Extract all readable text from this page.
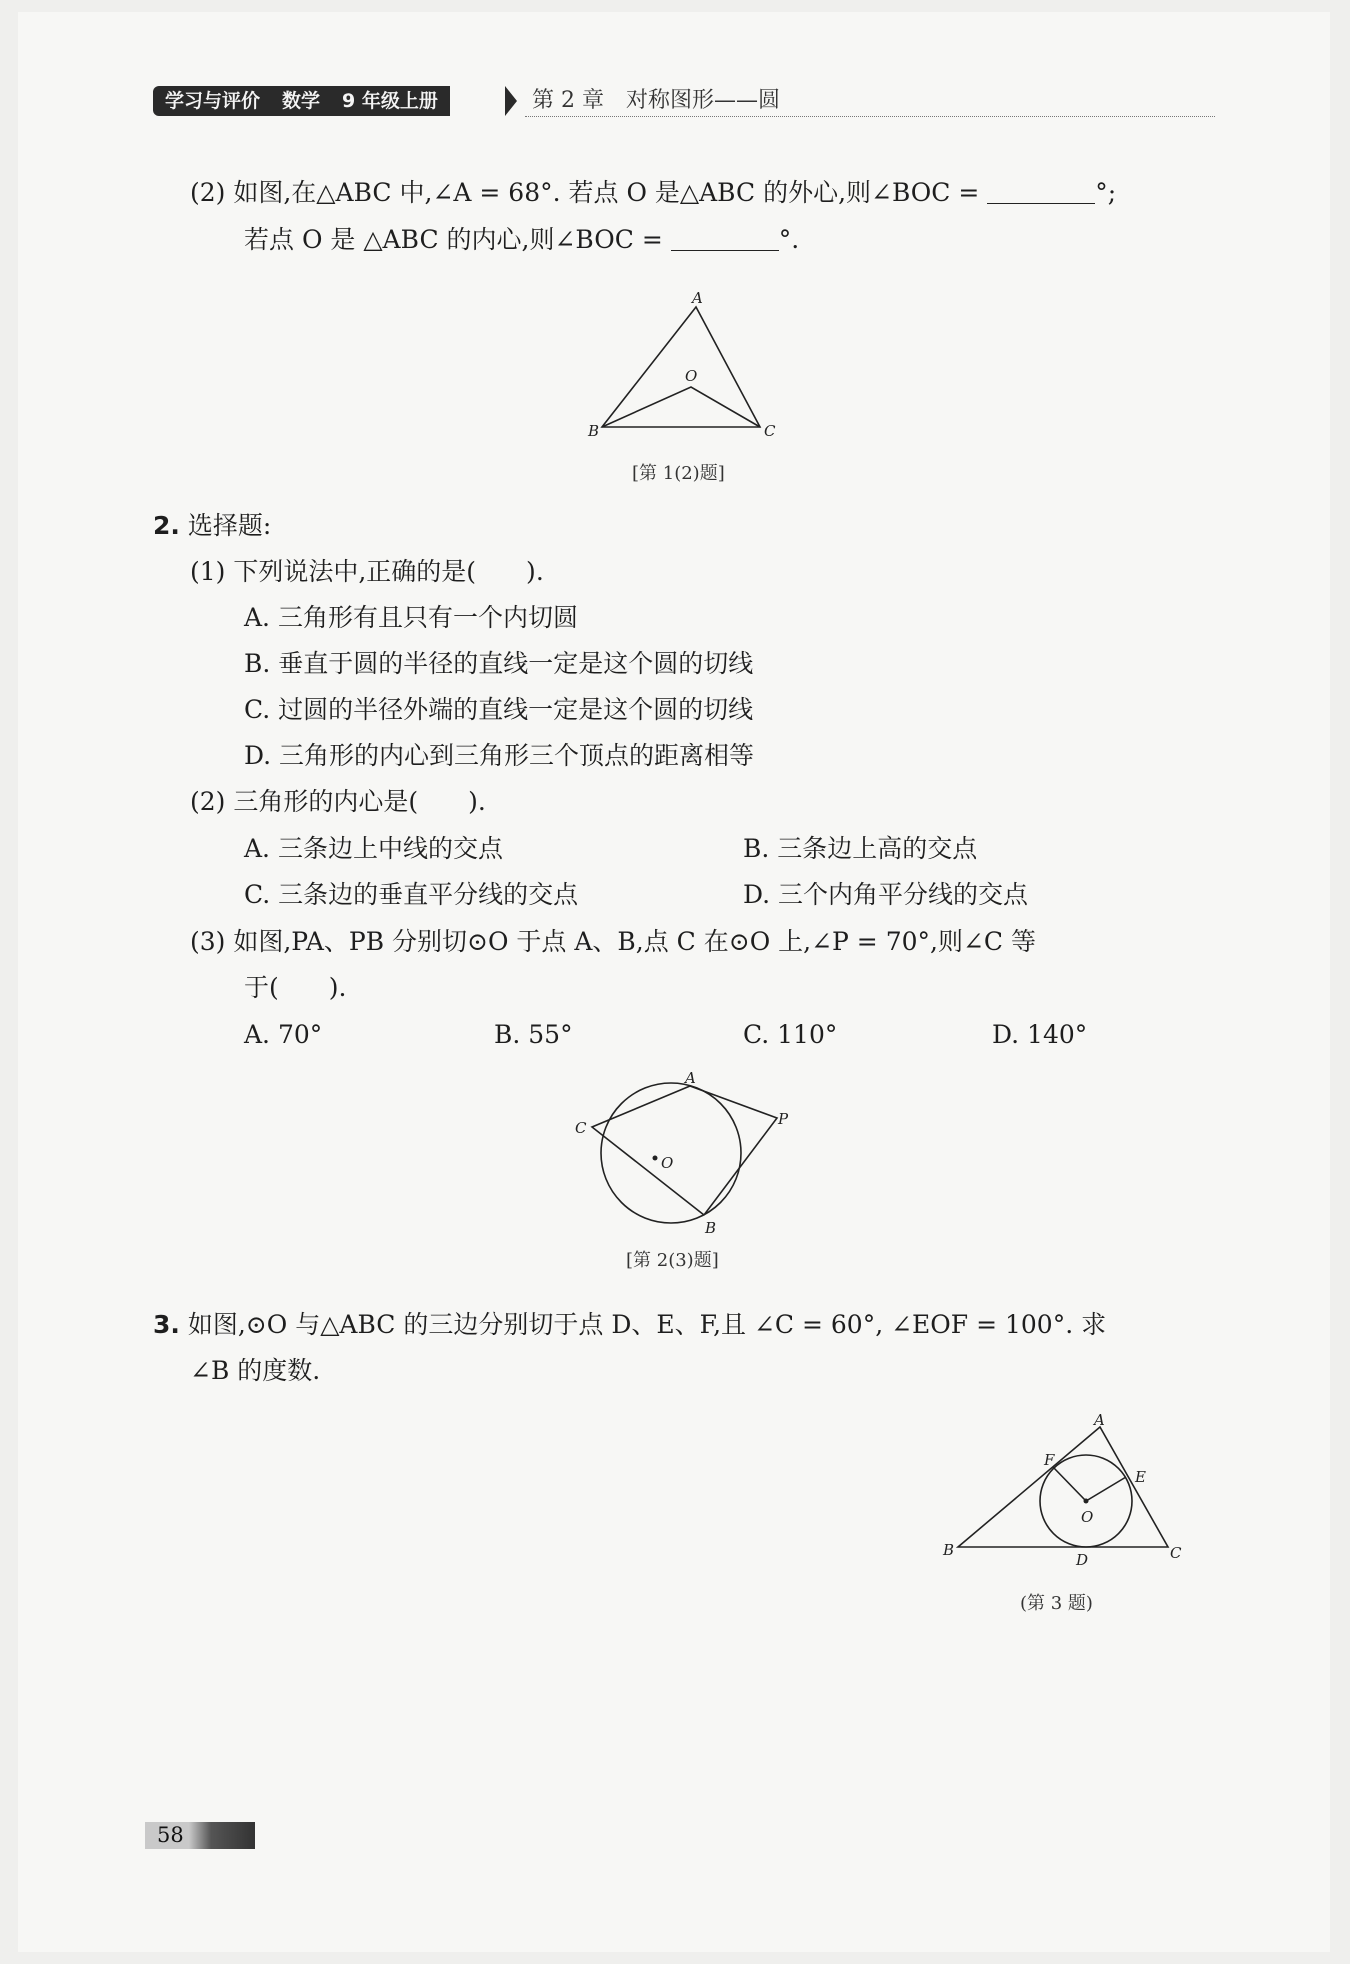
学习与评价 数学 9 年级上册	第 2 章　对称图形——圆
(2) 如图,在△ABC 中,∠A = 68°. 若点 O 是△ABC 的外心,则∠BOC =	°;
若点 O 是 △ABC 的内心,则∠BOC =	°.
A
B	C
O
[第 1(2)题]
2. 选择题:
(1) 下列说法中,正确的是(　　).
A. 三角形有且只有一个内切圆
B. 垂直于圆的半径的直线一定是这个圆的切线
C. 过圆的半径外端的直线一定是这个圆的切线
D. 三角形的内心到三角形三个顶点的距离相等
(2) 三角形的内心是(　　).
A. 三条边上中线的交点	B. 三条边上高的交点
C. 三条边的垂直平分线的交点	D. 三个内角平分线的交点
(3) 如图,PA、PB 分别切⊙O 于点 A、B,点 C 在⊙O 上,∠P = 70°,则∠C 等
于(　　).
A. 70°	B. 55°	C. 110°	D. 140°
A
C	P
O
B
[第 2(3)题]
3. 如图,⊙O 与△ABC 的三边分别切于点 D、E、F,且 ∠C = 60°, ∠EOF = 100°. 求
∠B 的度数.
A
F
E
O
B
D	C
(第 3 题)
58
